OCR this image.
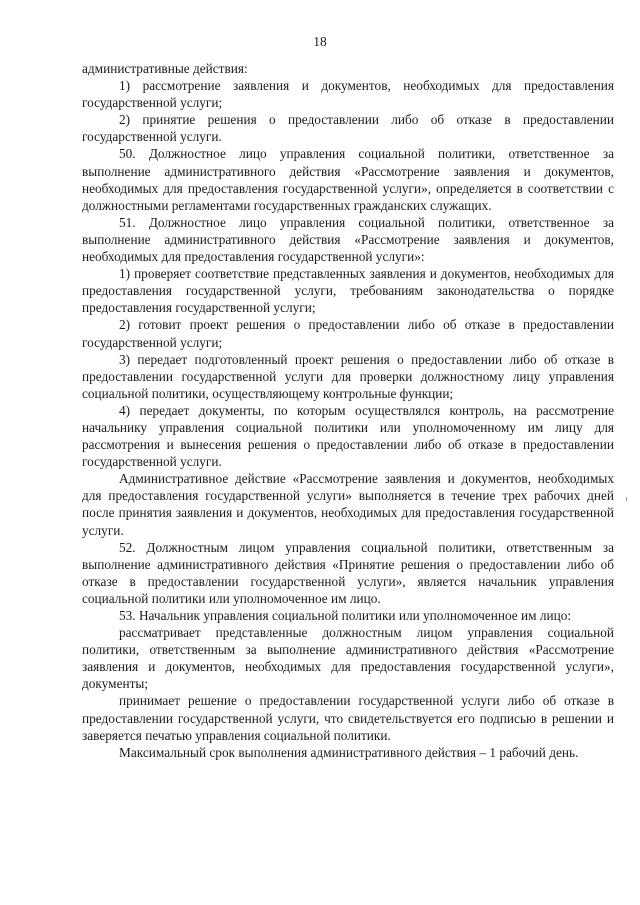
18

административные действия:

1) рассмотрение заявления и документов, необходимых для предоставления государственной услуги;

2) принятие решения о предоставлении либо об отказе в предоставлении государственной услуги.

50. Должностное лицо управления социальной политики, ответственное за выполнение административного действия «Рассмотрение заявления и документов, необходимых для предоставления государственной услуги», определяется в соответствии с должностными регламентами государственных гражданских служащих.

51. Должностное лицо управления социальной политики, ответственное за выполнение административного действия «Рассмотрение заявления и документов, необходимых для предоставления государственной услуги»:

1) проверяет соответствие представленных заявления и документов, необходимых для предоставления государственной услуги, требованиям законодательства о порядке предоставления государственной услуги;

2) готовит проект решения о предоставлении либо об отказе в предоставлении государственной услуги;

3) передает подготовленный проект решения о предоставлении либо об отказе в предоставлении государственной услуги для проверки должностному лицу управления социальной политики, осуществляющему контрольные функции;

4) передает документы, по которым осуществлялся контроль, на рассмотрение начальнику управления социальной политики или уполномоченному им лицу для рассмотрения и вынесения решения о предоставлении либо об отказе в предоставлении государственной услуги.

Административное действие «Рассмотрение заявления и документов, необходимых для предоставления государственной услуги» выполняется в течение трех рабочих дней после принятия заявления и документов, необходимых для предоставления государственной услуги.

52. Должностным лицом управления социальной политики, ответственным за выполнение административного действия «Принятие решения о предоставлении либо об отказе в предоставлении государственной услуги», является начальник управления социальной политики или уполномоченное им лицо.

53. Начальник управления социальной политики или уполномоченное им лицо:

рассматривает представленные должностным лицом управления социальной политики, ответственным за выполнение административного действия «Рассмотрение заявления и документов, необходимых для предоставления государственной услуги», документы;

принимает решение о предоставлении государственной услуги либо об отказе в предоставлении государственной услуги, что свидетельствуется его подписью в решении и заверяется печатью управления социальной политики.

Максимальный срок выполнения административного действия – 1 рабочий день.
